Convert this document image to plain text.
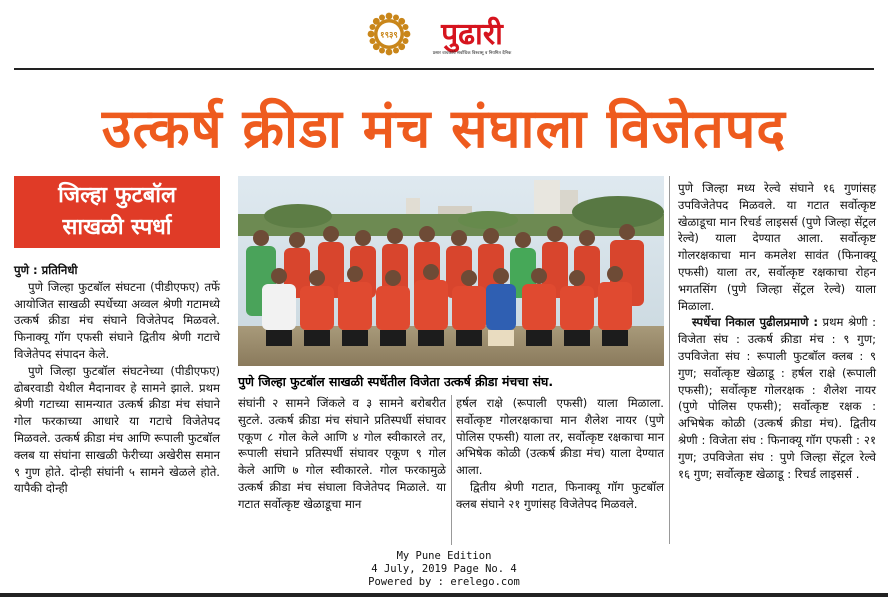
१९३९ पुढारी
प्रसार वाचकांचे सर्वाधिक विश्वासू व नियमित दैनिक
उत्कर्ष क्रीडा मंच संघाला विजेतपद
जिल्हा फुटबॉल
साखळी स्पर्धा

पुणे : प्रतिनिधी

पुणे जिल्हा फुटबॉल संघटना (पीडीएफए) तर्फे आयोजित साखळी स्पर्धेच्या अव्वल श्रेणी गटामध्ये उत्कर्ष क्रीडा मंच संघाने विजेतेपद मिळवले. फिनाक्यू गॉग एफसी संघाने द्वितीय श्रेणी गटाचे विजेतेपद संपादन केले.

पुणे जिल्हा फुटबॉल संघटनेच्या (पीडीएफए) ढोबरवाडी येथील मैदानावर हे सामने झाले. प्रथम श्रेणी गटाच्या सामन्यात उत्कर्ष क्रीडा मंच संघाने गोल फरकाच्या आधारे या गटाचे विजेतेपद मिळवले. उत्कर्ष क्रीडा मंच आणि रूपाली फुटबॉल क्लब या संघांना साखळी फेरीच्या अखेरीस समान ९ गुण होते. दोन्ही संघांनी ५ सामने खेळले होते. यापैकी दोन्ही

पुणे जिल्हा फुटबॉल साखळी स्पर्धेतील विजेता उत्कर्ष क्रीडा मंचचा संघ.

संघांनी २ सामने जिंकले व ३ सामने बरोबरीत सुटले. उत्कर्ष क्रीडा मंच संघाने प्रतिस्पर्धी संघावर एकूण ८ गोल केले आणि ४ गोल स्वीकारले तर, रूपाली संघाने प्रतिस्पर्धी संघावर एकूण ९ गोल केले आणि ७ गोल स्वीकारले. गोल फरकामुळे उत्कर्ष क्रीडा मंच संघाला विजेतेपद मिळाले. या गटात सर्वोत्कृष्ट खेळाडूचा मान

हर्षल राक्षे (रूपाली एफसी) याला मिळाला. सर्वोत्कृष्ट गोलरक्षकाचा मान शैलेश नायर (पुणे पोलिस एफसी) याला तर, सर्वोत्कृष्ट रक्षकाचा मान अभिषेक कोळी (उत्कर्ष क्रीडा मंच) याला देण्यात आला.

द्वितीय श्रेणी गटात, फिनाक्यू गॉग फुटबॉल क्लब संघाने २१ गुणांसह विजेतेपद मिळवले.

पुणे जिल्हा मध्य रेल्वे संघाने १६ गुणांसह उपविजेतेपद मिळवले. या गटात सर्वोत्कृष्ट खेळाडूचा मान रिचर्ड लाइसर्स (पुणे जिल्हा सेंट्रल रेल्वे) याला देण्यात आला. सर्वोत्कृष्ट गोलरक्षकाचा मान कमलेश सावंत (फिनाक्यू एफसी) याला तर, सर्वोत्कृष्ट रक्षकाचा रोहन भगतसिंग (पुणे जिल्हा सेंट्रल रेल्वे) याला मिळाला.

स्पर्धेचा निकाल पुढीलप्रमाणे : प्रथम श्रेणी : विजेता संघ : उत्कर्ष क्रीडा मंच : ९ गुण; उपविजेता संघ : रूपाली फुटबॉल क्लब : ९ गुण; सर्वोत्कृष्ट खेळाडू : हर्षल राक्षे (रूपाली एफसी); सर्वोत्कृष्ट गोलरक्षक : शैलेश नायर (पुणे पोलिस एफसी); सर्वोत्कृष्ट रक्षक : अभिषेक कोळी (उत्कर्ष क्रीडा मंच). द्वितीय श्रेणी : विजेता संघ : फिनाक्यू गॉग एफसी : २१ गुण; उपविजेता संघ : पुणे जिल्हा सेंट्रल रेल्वे १६ गुण; सर्वोत्कृष्ट खेळाडू : रिचर्ड लाइसर्स .

My Pune Edition
4 July, 2019 Page No. 4
Powered by : erelego.com
